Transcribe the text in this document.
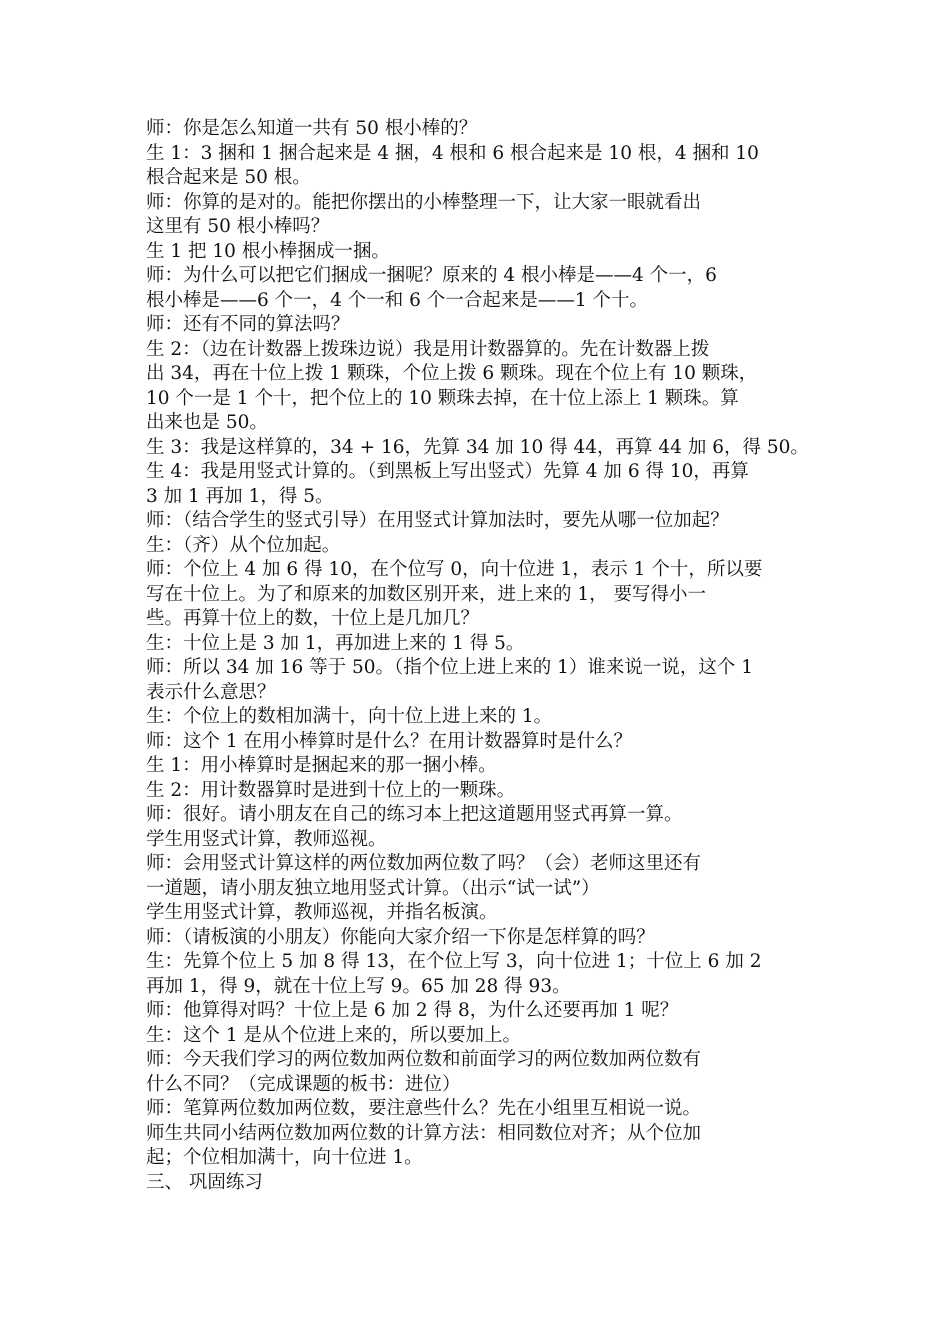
师：你是怎么知道一共有 50 根小棒的？
生 1：3 捆和 1 捆合起来是 4 捆，4 根和 6 根合起来是 10 根，4 捆和 10
根合起来是 50 根。
师：你算的是对的。能把你摆出的小棒整理一下，让大家一眼就看出
这里有 50 根小棒吗？
生 1 把 10 根小棒捆成一捆。
师：为什么可以把它们捆成一捆呢？原来的 4 根小棒是——4 个一，6
根小棒是——6 个一，4 个一和 6 个一合起来是——1 个十。
师：还有不同的算法吗？
生 2：（边在计数器上拨珠边说）我是用计数器算的。先在计数器上拨
出 34，再在十位上拨 1 颗珠，个位上拨 6 颗珠。现在个位上有 10 颗珠，
10 个一是 1 个十，把个位上的 10 颗珠去掉，在十位上添上 1 颗珠。算
出来也是 50。
生 3：我是这样算的，34 + 16，先算 34 加 10 得 44，再算 44 加 6，得 50。
生 4：我是用竖式计算的。（到黑板上写出竖式）先算 4 加 6 得 10，再算
3 加 1 再加 1，得 5。
师：（结合学生的竖式引导）在用竖式计算加法时，要先从哪一位加起？
生：（齐）从个位加起。
师：个位上 4 加 6 得 10，在个位写 0，向十位进 1，表示 1 个十，所以要
写在十位上。为了和原来的加数区别开来，进上来的 1， 要写得小一
些。再算十位上的数，十位上是几加几？
生：十位上是 3 加 1，再加进上来的 1 得 5。
师：所以 34 加 16 等于 50。（指个位上进上来的 1）谁来说一说，这个 1
表示什么意思？
生：个位上的数相加满十，向十位上进上来的 1。
师：这个 1 在用小棒算时是什么？在用计数器算时是什么？
生 1：用小棒算时是捆起来的那一捆小棒。
生 2：用计数器算时是进到十位上的一颗珠。
师：很好。请小朋友在自己的练习本上把这道题用竖式再算一算。
学生用竖式计算，教师巡视。
师：会用竖式计算这样的两位数加两位数了吗？（会）老师这里还有
一道题，请小朋友独立地用竖式计算。（出示“试一试”）
学生用竖式计算，教师巡视，并指名板演。
师：（请板演的小朋友）你能向大家介绍一下你是怎样算的吗？
生：先算个位上 5 加 8 得 13，在个位上写 3，向十位进 1；十位上 6 加 2
再加 1，得 9，就在十位上写 9。65 加 28 得 93。
师：他算得对吗？十位上是 6 加 2 得 8，为什么还要再加 1 呢？
生：这个 1 是从个位进上来的，所以要加上。
师：今天我们学习的两位数加两位数和前面学习的两位数加两位数有
什么不同？（完成课题的板书：进位）
师：笔算两位数加两位数，要注意些什么？先在小组里互相说一说。
师生共同小结两位数加两位数的计算方法：相同数位对齐；从个位加
起；个位相加满十，向十位进 1。
三、 巩固练习
